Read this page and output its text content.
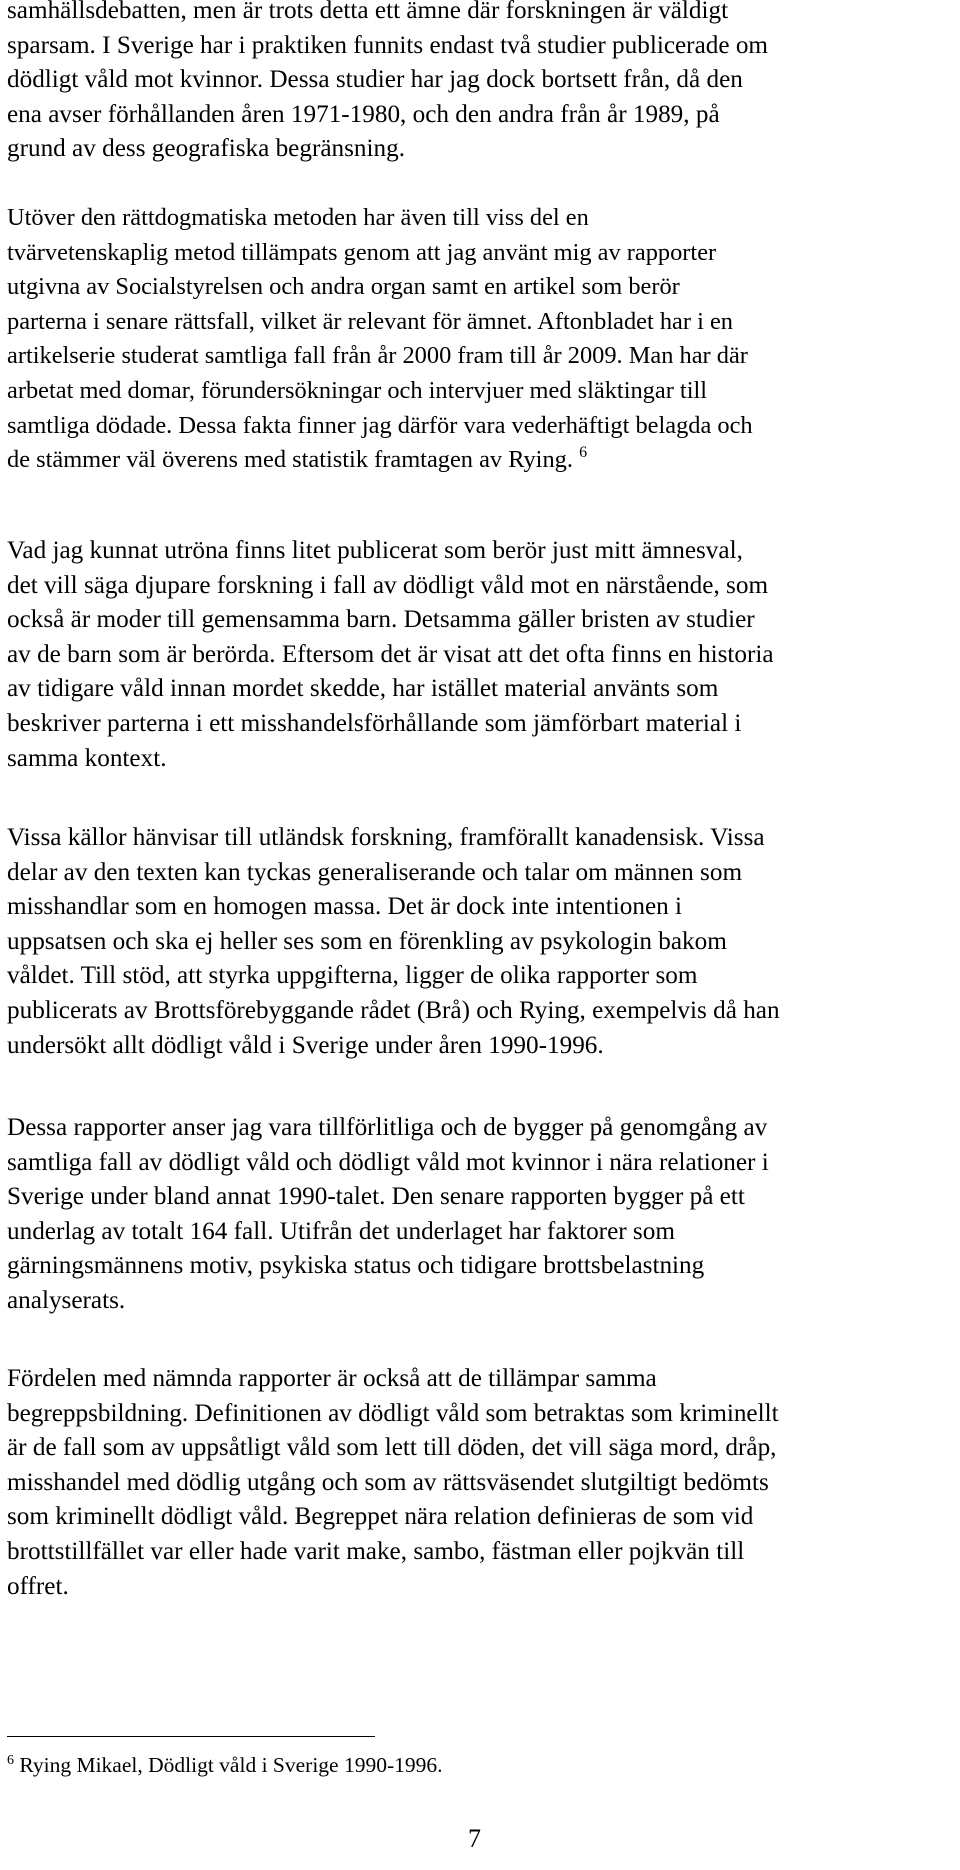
samhällsdebatten, men är trots detta ett ämne där forskningen är väldigt
sparsam. I Sverige har i praktiken funnits endast två studier publicerade om
dödligt våld mot kvinnor. Dessa studier har jag dock bortsett från, då den
ena avser förhållanden åren 1971-1980, och den andra från år 1989, på
grund av dess geografiska begränsning.

Utöver den rättdogmatiska metoden har även till viss del en
tvärvetenskaplig metod tillämpats genom att jag använt mig av rapporter
utgivna av Socialstyrelsen och andra organ samt en artikel som berör
parterna i senare rättsfall, vilket är relevant för ämnet. Aftonbladet har i en
artikelserie studerat samtliga fall från år 2000 fram till år 2009. Man har där
arbetat med domar, förundersökningar och intervjuer med släktingar till
samtliga dödade. Dessa fakta finner jag därför vara vederhäftigt belagda och
de stämmer väl överens med statistik framtagen av Rying. $^6$

Vad jag kunnat utröna finns litet publicerat som berör just mitt ämnesval,
det vill säga djupare forskning i fall av dödligt våld mot en närstående, som
också är moder till gemensamma barn. Detsamma gäller bristen av studier
av de barn som är berörda. Eftersom det är visat att det ofta finns en historia
av tidigare våld innan mordet skedde, har istället material använts som
beskriver parterna i ett misshandelsförhållande som jämförbart material i
samma kontext.

Vissa källor hänvisar till utländsk forskning, framförallt kanadensisk. Vissa
delar av den texten kan tyckas generaliserande och talar om männen som
misshandlar som en homogen massa. Det är dock inte intentionen i
uppsatsen och ska ej heller ses som en förenkling av psykologin bakom
våldet. Till stöd, att styrka uppgifterna, ligger de olika rapporter som
publicerats av Brottsförebyggande rådet (Brå) och Rying, exempelvis då han
undersökt allt dödligt våld i Sverige under åren 1990-1996.

Dessa rapporter anser jag vara tillförlitliga och de bygger på genomgång av
samtliga fall av dödligt våld och dödligt våld mot kvinnor i nära relationer i
Sverige under bland annat 1990-talet. Den senare rapporten bygger på ett
underlag av totalt 164 fall. Utifrån det underlaget har faktorer som
gärningsmännens motiv, psykiska status och tidigare brottsbelastning
analyserats.

Fördelen med nämnda rapporter är också att de tillämpar samma
begreppsbildning. Definitionen av dödligt våld som betraktas som kriminellt
är de fall som av uppsåtligt våld som lett till döden, det vill säga mord, dråp,
misshandel med dödlig utgång och som av rättsväsendet slutgiltigt bedömts
som kriminellt dödligt våld. Begreppet nära relation definieras de som vid
brottstillfället var eller hade varit make, sambo, fästman eller pojkvän till
offret.

$^6$ Rying Mikael, Dödligt våld i Sverige 1990-1996.
7
